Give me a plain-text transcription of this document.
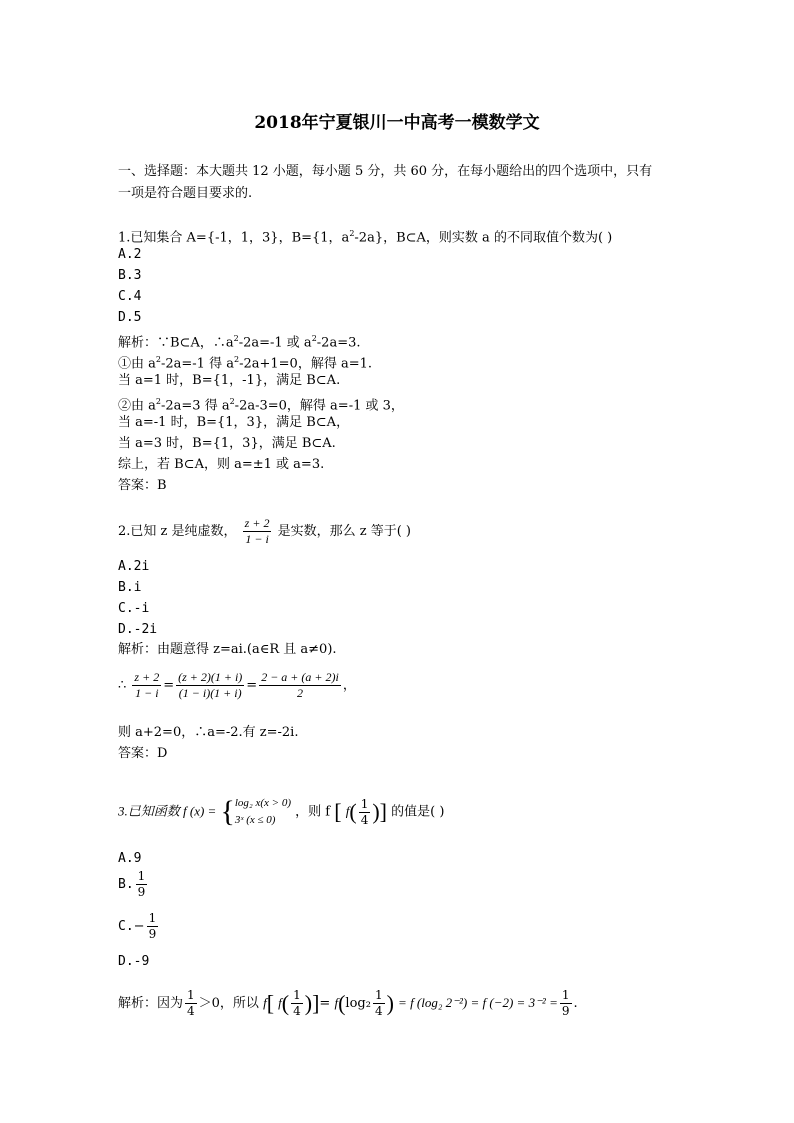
2018年宁夏银川一中高考一模数学文
一、选择题：本大题共 12 小题，每小题 5 分，共 60 分，在每小题给出的四个选项中，只有
一项是符合题目要求的.
1.已知集合 A={-1，1，3}，B={1，$a^2-2a$}，B⊂A，则实数 a 的不同取值个数为( )
A.2
B.3
C.4
D.5
解析：∵B⊂A，$\therefore a^2-2a=-1$ 或 $a^2-2a=3$.
①由 $a^2-2a=-1$ 得 $a^2-2a+1=0$，解得 a=1.
当 a=1 时，B={1，-1}，满足 B⊂A.
②由 $a^2-2a=3$ 得 $a^2-2a-3=0$，解得 a=-1 或 3，
当 a=-1 时，B={1，3}，满足 B⊂A，
当 a=3 时，B={1，3}，满足 B⊂A.
综上，若 B⊂A，则 a=±1 或 a=3.
答案：B
2.已知 z 是纯虚数， $\frac{z + 2}{1 - i}$ 是实数，那么 z 等于( )
A.2i
B.i
C.-i
D.-2i
解析：由题意得 z=ai.(a∈R 且 a≠0).
∴ $\frac{z + 2}{1 - i} = \frac{(z + 2)(1 + i)}{(1 - i)(1 + i)} = \frac{2 - a + (a + 2)i}{2}$ ，
则 a+2=0，∴a=-2.有 z=-2i.
答案：D
3.已知函数 f (x) = { log₂ x(x > 0)
3ˣ (x ≤ 0)
，则 f [ $f( \frac{1}{4}$ )] 的值是( )
A.9
B. $\frac{1}{9}$
$C.- \frac{1}{9}$
D.-9
解析：因为 $\frac{1}{4} >0$，所以 f[ $f( \frac{1}{4}$ )]= $f(\log_2 \frac{1}{4}$ ) = f (log₂ 2⁻²) = f $(-2) = 3^{-2} = \frac{1}{9}$ .
